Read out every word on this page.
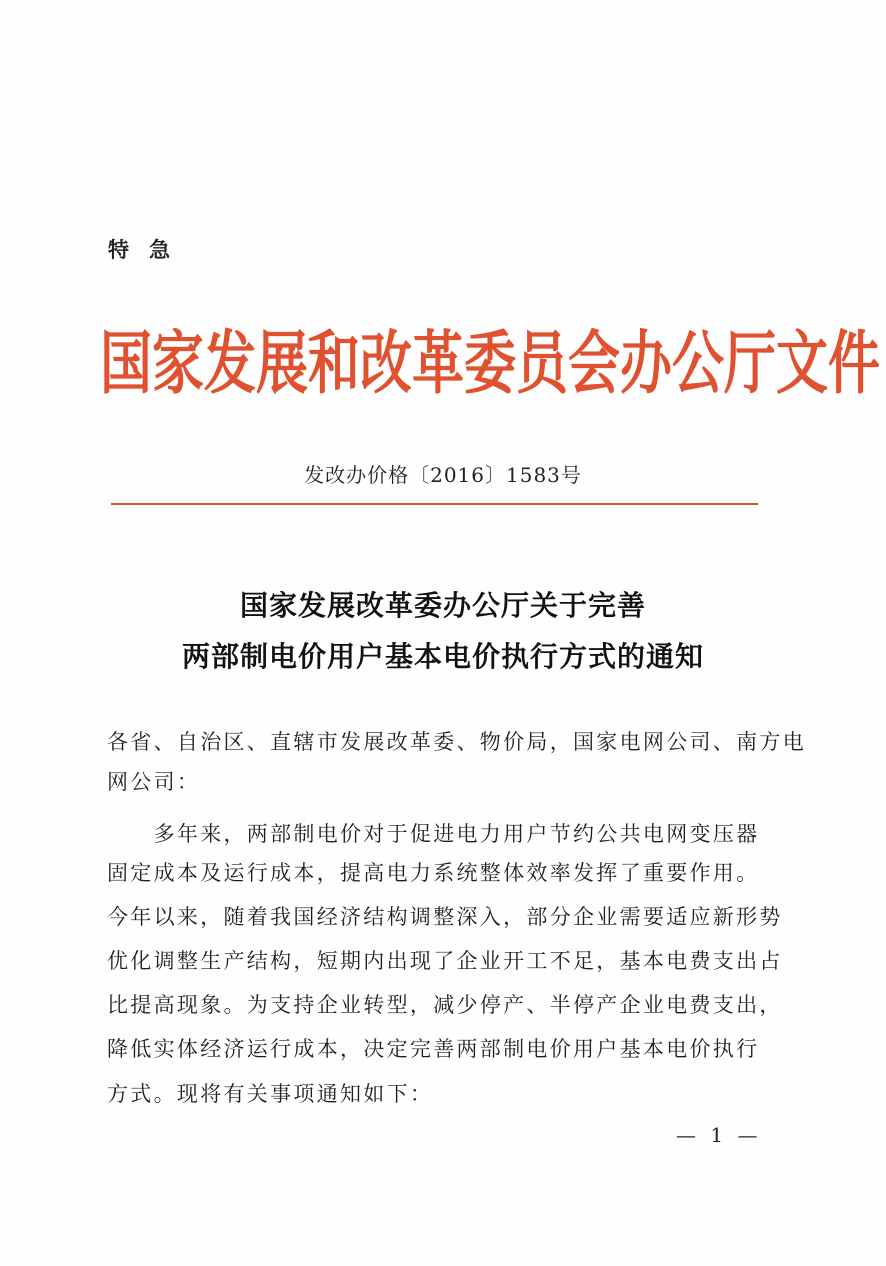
特急
国家发展和改革委员会办公厅文件
发改办价格〔2016〕1583号
国家发展改革委办公厅关于完善
两部制电价用户基本电价执行方式的通知
各省、自治区、直辖市发展改革委、物价局，国家电网公司、南方电
网公司：
　　多年来，两部制电价对于促进电力用户节约公共电网变压器
固定成本及运行成本，提高电力系统整体效率发挥了重要作用。
今年以来，随着我国经济结构调整深入，部分企业需要适应新形势
优化调整生产结构，短期内出现了企业开工不足，基本电费支出占
比提高现象。为支持企业转型，减少停产、半停产企业电费支出，
降低实体经济运行成本，决定完善两部制电价用户基本电价执行
方式。现将有关事项通知如下：
— 1 —
